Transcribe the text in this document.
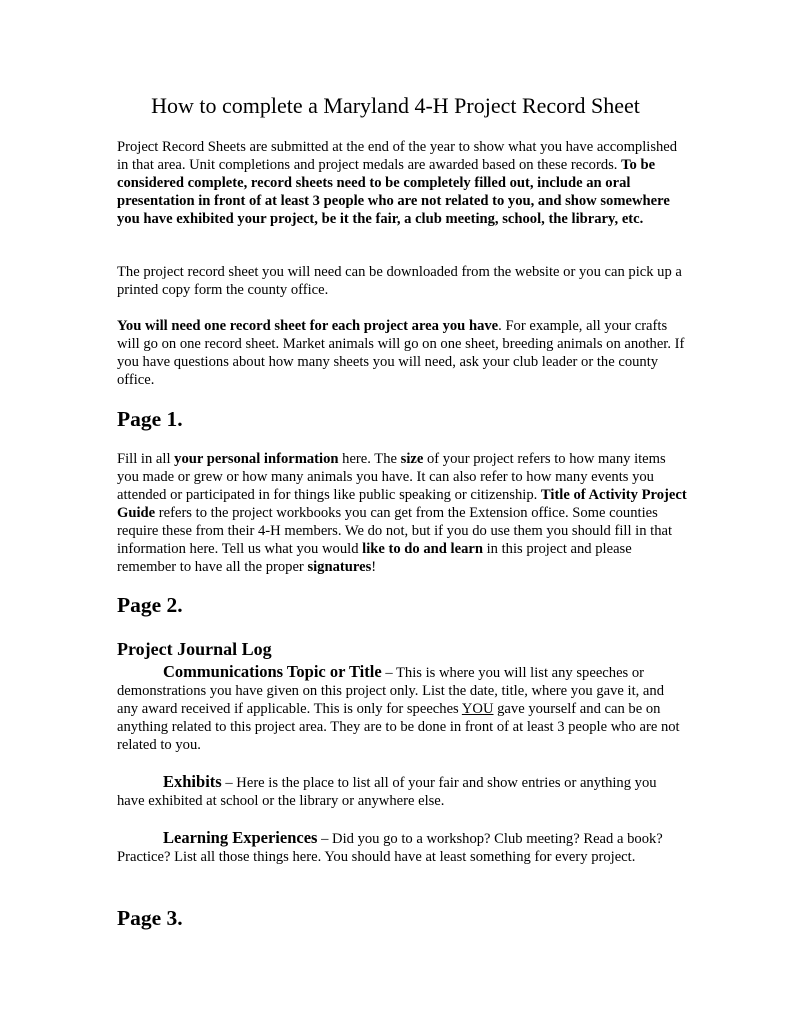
How to complete a Maryland 4-H Project Record Sheet

Project Record Sheets are submitted at the end of the year to show what you have accomplished in that area. Unit completions and project medals are awarded based on these records. To be considered complete, record sheets need to be completely filled out, include an oral presentation in front of at least 3 people who are not related to you, and show somewhere you have exhibited your project, be it the fair, a club meeting, school, the library, etc.

The project record sheet you will need can be downloaded from the website or you can pick up a printed copy form the county office.

You will need one record sheet for each project area you have. For example, all your crafts will go on one record sheet. Market animals will go on one sheet, breeding animals on another. If you have questions about how many sheets you will need, ask your club leader or the county office.

Page 1.

Fill in all your personal information here. The size of your project refers to how many items you made or grew or how many animals you have. It can also refer to how many events you attended or participated in for things like public speaking or citizenship. Title of Activity Project Guide refers to the project workbooks you can get from the Extension office. Some counties require these from their 4-H members. We do not, but if you do use them you should fill in that information here. Tell us what you would like to do and learn in this project and please remember to have all the proper signatures!

Page 2.
Project Journal Log

Communications Topic or Title – This is where you will list any speeches or demonstrations you have given on this project only. List the date, title, where you gave it, and any award received if applicable. This is only for speeches YOU gave yourself and can be on anything related to this project area. They are to be done in front of at least 3 people who are not related to you.

Exhibits – Here is the place to list all of your fair and show entries or anything you have exhibited at school or the library or anywhere else.

Learning Experiences – Did you go to a workshop? Club meeting? Read a book? Practice? List all those things here. You should have at least something for every project.

Page 3.
